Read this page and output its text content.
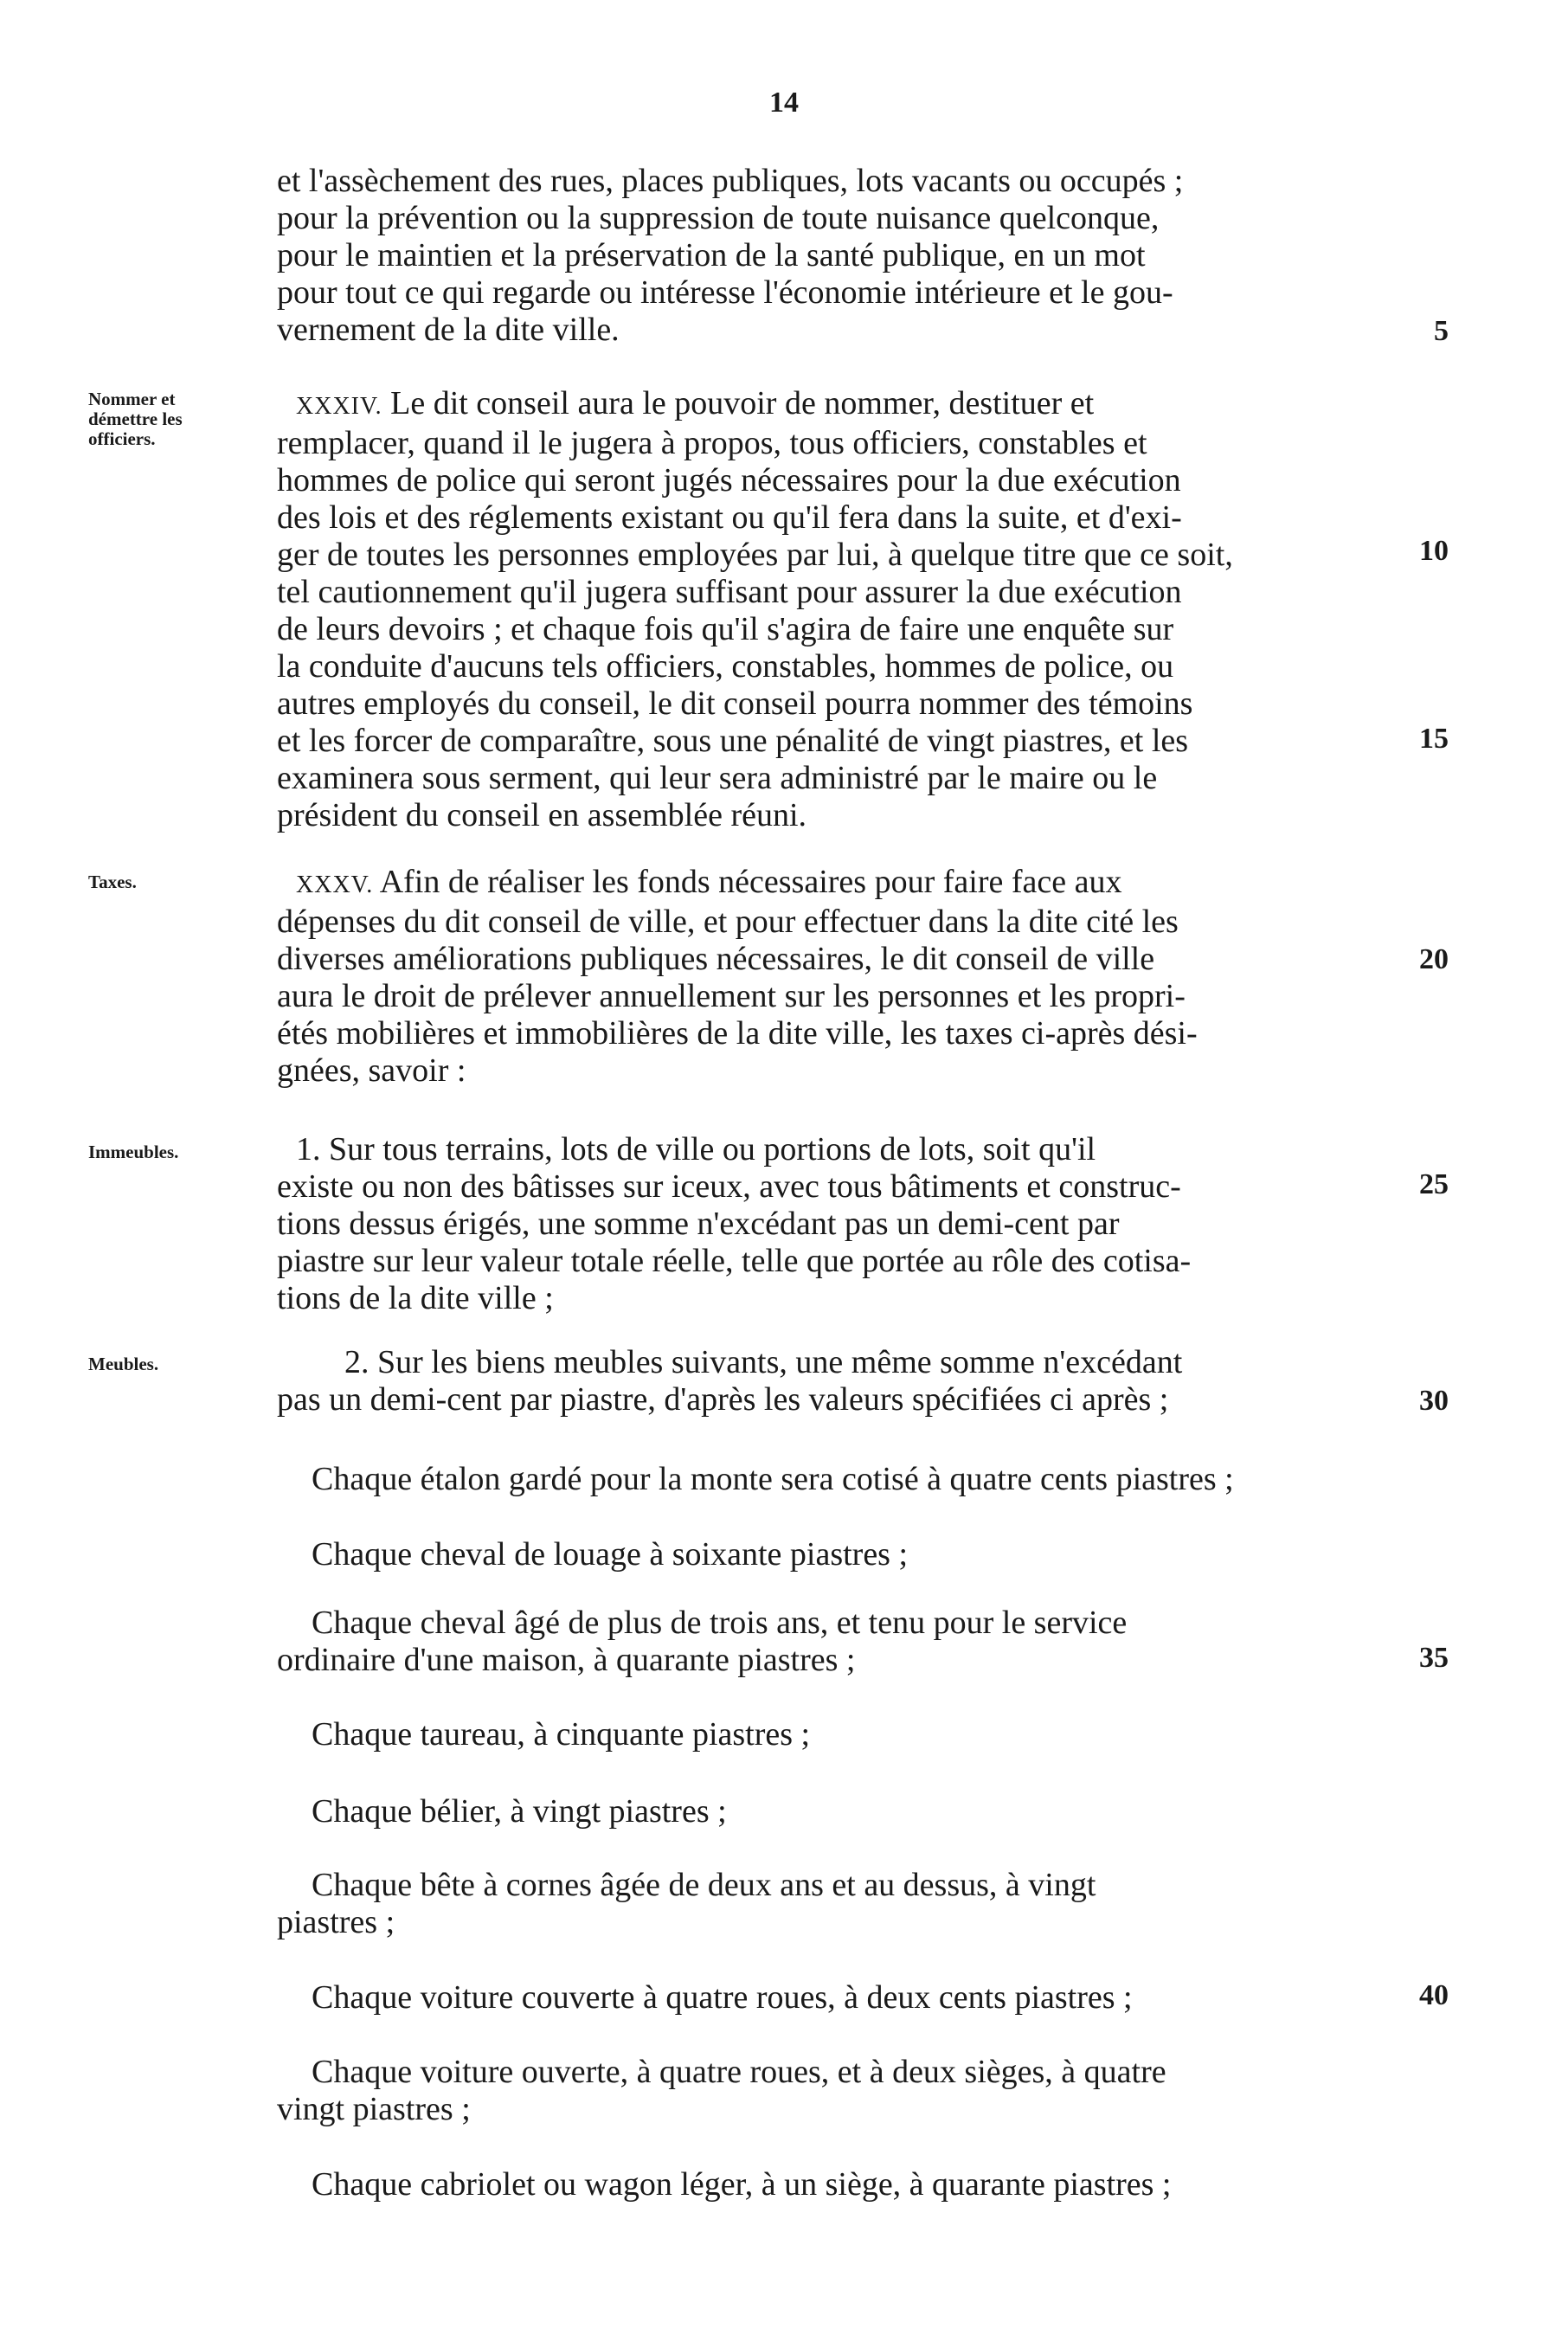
14
et l'assèchement des rues, places publiques, lots vacants ou occupés ;
pour la prévention ou la suppression de toute nuisance quelconque,
pour le maintien et la préservation de la santé publique, en un mot
pour tout ce qui regarde ou intéresse l'économie intérieure et le gou-
vernement de la dite ville.
Nommer et
démettre les
officiers.
XXXIV. Le dit conseil aura le pouvoir de nommer, destituer et
remplacer, quand il le jugera à propos, tous officiers, constables et
hommes de police qui seront jugés nécessaires pour la due exécution
des lois et des réglements existant ou qu'il fera dans la suite, et d'exi-
ger de toutes les personnes employées par lui, à quelque titre que ce soit,
tel cautionnement qu'il jugera suffisant pour assurer la due exécution
de leurs devoirs ; et chaque fois qu'il s'agira de faire une enquête sur
la conduite d'aucuns tels officiers, constables, hommes de police, ou
autres employés du conseil, le dit conseil pourra nommer des témoins
et les forcer de comparaître, sous une pénalité de vingt piastres, et les
examinera sous serment, qui leur sera administré par le maire ou le
président du conseil en assemblée réuni.
Taxes.	XXXV. Afin de réaliser les fonds nécessaires pour faire face aux
dépenses du dit conseil de ville, et pour effectuer dans la dite cité les
diverses améliorations publiques nécessaires, le dit conseil de ville
aura le droit de prélever annuellement sur les personnes et les propri-
étés mobilières et immobilières de la dite ville, les taxes ci-après dési-
gnées, savoir :
Immeubles.	1. Sur tous terrains, lots de ville ou portions de lots, soit qu'il
existe ou non des bâtisses sur iceux, avec tous bâtiments et construc-
tions dessus érigés, une somme n'excédant pas un demi-cent par
piastre sur leur valeur totale réelle, telle que portée au rôle des cotisa-
tions de la dite ville ;
Meubles.	2. Sur les biens meubles suivants, une même somme n'excédant
pas un demi-cent par piastre, d'après les valeurs spécifiées ci après ;
Chaque étalon gardé pour la monte sera cotisé à quatre cents piastres ;
Chaque cheval de louage à soixante piastres ;
Chaque cheval âgé de plus de trois ans, et tenu pour le service
ordinaire d'une maison, à quarante piastres ;
Chaque taureau, à cinquante piastres ;
Chaque bélier, à vingt piastres ;
Chaque bête à cornes âgée de deux ans et au dessus, à vingt
piastres ;
Chaque voiture couverte à quatre roues, à deux cents piastres ;
Chaque voiture ouverte, à quatre roues, et à deux sièges, à quatre
vingt piastres ;
Chaque cabriolet ou wagon léger, à un siège, à quarante piastres ;
5
10
15
20
25
30
35
40
